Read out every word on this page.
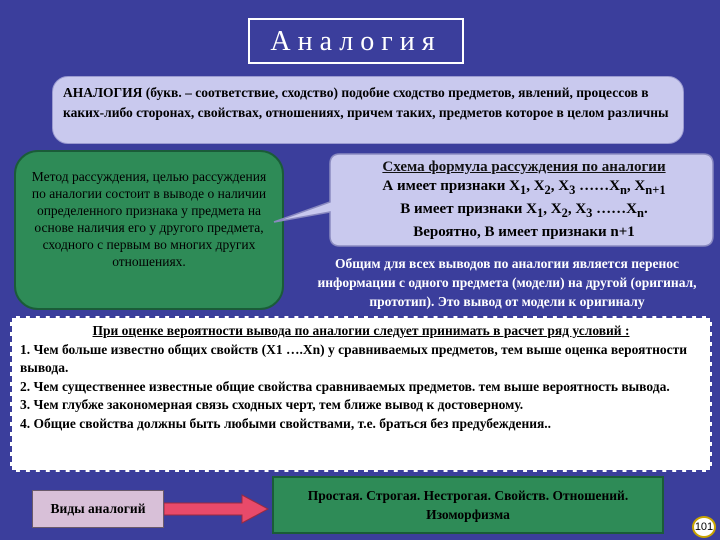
Аналогия
АНАЛОГИЯ (букв. – соответствие, сходство) подобие сходство предметов, явлений, процессов в каких-либо сторонах, свойствах, отношениях, причем таких, предметов которое в целом различны
Метод рассуждения, целью рассуждения по аналогии состоит в выводе о наличии определенного признака у предмета на основе наличия его у другого предмета, сходного с первым во многих других отношениях.
Схема формула рассуждения по аналогии
А имеет признаки $X_1$, $X_2$, $X_3$ $\dots\dots X_n$, $X_{n+1}$
В имеет признаки $X_1$, $X_2$, $X_3$ $\dots\dots X_n$.
Вероятно, В имеет признаки n+1
Общим для всех выводов по аналогии является перенос информации с одного предмета (модели) на другой (оригинал, прототип). Это вывод от модели к оригиналу

При оценке вероятности вывода по аналогии следует принимать в расчет ряд условий :

1. Чем больше известно общих свойств (X1 ….Xn) у сравниваемых предметов, тем выше оценка вероятности вывода.

2. Чем существеннее известные общие свойства сравниваемых предметов. тем выше вероятность вывода.

3. Чем глубже закономерная связь сходных черт, тем ближе вывод к достоверному.

4. Общие свойства должны быть любыми свойствами, т.е. браться без предубеждения..

Виды аналогий
Простая. Строгая. Нестрогая. Свойств. Отношений. Изоморфизма
101
